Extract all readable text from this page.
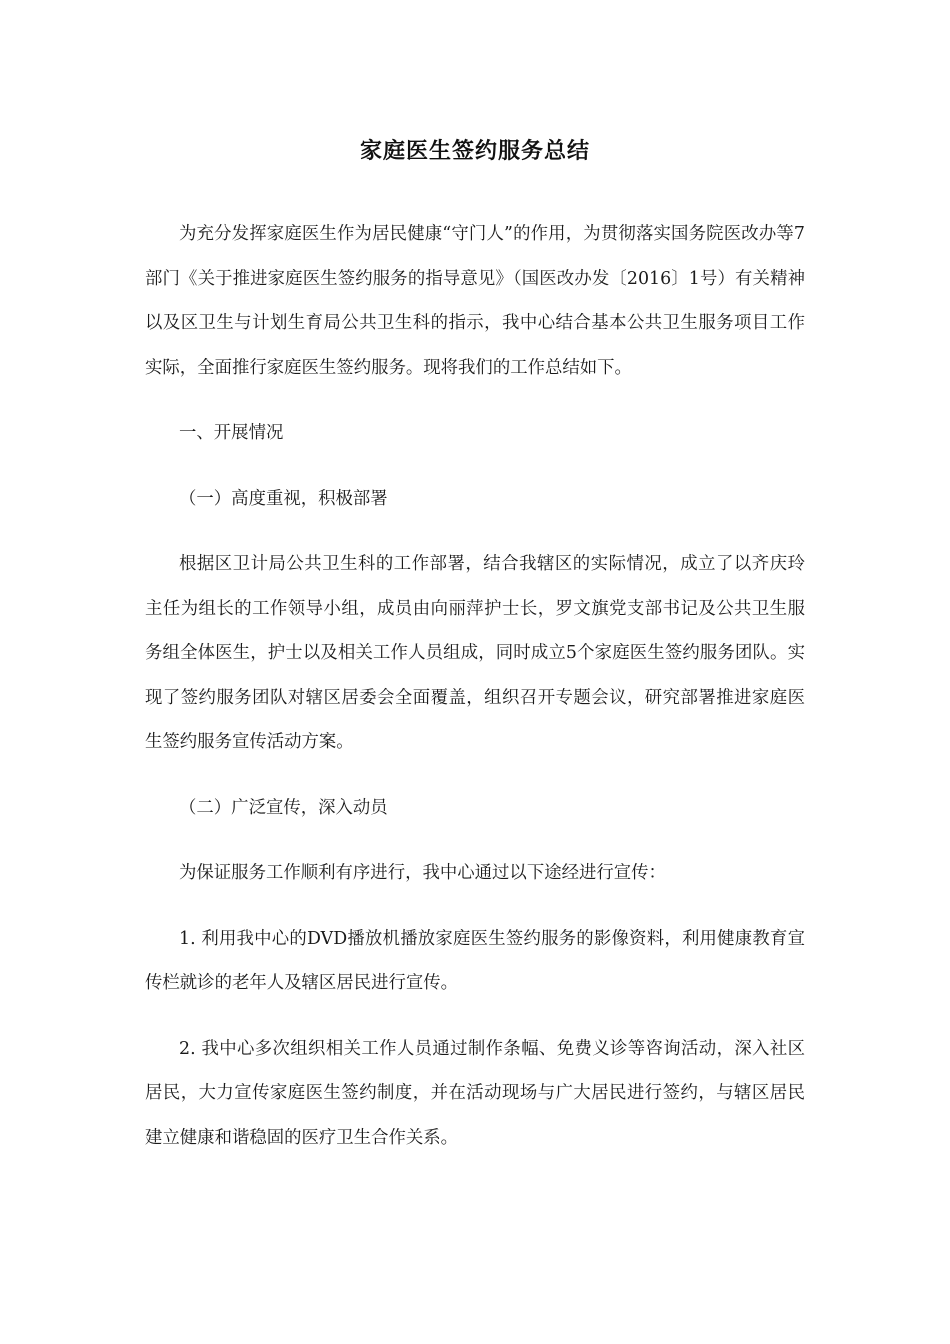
家庭医生签约服务总结

为充分发挥家庭医生作为居民健康“守门人”的作用，为贯彻落实国务院医改办等7部门《关于推进家庭医生签约服务的指导意见》（国医改办发〔2016〕1号）有关精神以及区卫生与计划生育局公共卫生科的指示，我中心结合基本公共卫生服务项目工作实际，全面推行家庭医生签约服务。现将我们的工作总结如下。

一、开展情况

（一）高度重视，积极部署

根据区卫计局公共卫生科的工作部署，结合我辖区的实际情况，成立了以齐庆玲主任为组长的工作领导小组，成员由向丽萍护士长，罗文旗党支部书记及公共卫生服务组全体医生，护士以及相关工作人员组成，同时成立5个家庭医生签约服务团队。实现了签约服务团队对辖区居委会全面覆盖，组织召开专题会议，研究部署推进家庭医生签约服务宣传活动方案。

（二）广泛宣传，深入动员

为保证服务工作顺利有序进行，我中心通过以下途经进行宣传：

1. 利用我中心的DVD播放机播放家庭医生签约服务的影像资料，利用健康教育宣传栏就诊的老年人及辖区居民进行宣传。

2. 我中心多次组织相关工作人员通过制作条幅、免费义诊等咨询活动，深入社区居民，大力宣传家庭医生签约制度，并在活动现场与广大居民进行签约，与辖区居民建立健康和谐稳固的医疗卫生合作关系。
